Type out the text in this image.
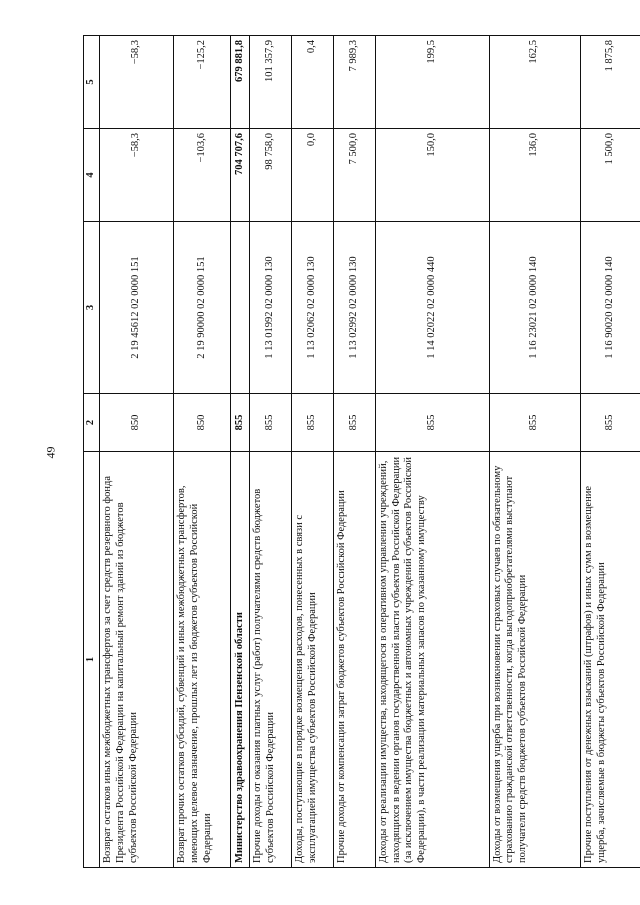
49
1	2	3	4	5
Возврат остатков иных межбюджетных трансфертов за счет средств резервного фонда Президента Российской Федерации на капитальный ремонт зданий из бюджетов субъектов Российской Федерации	850	2 19 45612 02 0000 151	−58,3	−58,3
Возврат прочих остатков субсидий, субвенций и иных межбюджетных трансфертов, имеющих целевое назначение, прошлых лет из бюджетов субъектов Российской Федерации	850	2 19 90000 02 0000 151	−103,6	−125,2
Министерство здравоохранения Пензенской области	855		704 707,6	679 881,8
Прочие доходы от оказания платных услуг (работ) получателями средств бюджетов субъектов Российской Федерации	855	1 13 01992 02 0000 130	98 758,0	101 357,9
Доходы, поступающие в порядке возмещения расходов, понесенных в связи с эксплуатацией имущества субъектов Российской Федерации	855	1 13 02062 02 0000 130	0,0	0,4
Прочие доходы от компенсации затрат бюджетов субъектов Российской Федерации	855	1 13 02992 02 0000 130	7 500,0	7 989,3
Доходы от реализации имущества, находящегося в оперативном управлении учреждений, находящихся в ведении органов государственной власти субъектов Российской Федерации (за исключением имущества бюджетных и автономных учреждений субъектов Российской Федерации), в части реализации материальных запасов по указанному имуществу	855	1 14 02022 02 0000 440	150,0	199,5
Доходы от возмещения ущерба при возникновении страховых случаев по обязательному страхованию гражданской ответственности, когда выгодоприобретателями выступают получатели средств бюджетов субъектов Российской Федерации	855	1 16 23021 02 0000 140	136,0	162,5
Прочие поступления от денежных взысканий (штрафов) и иных сумм в возмещение ущерба, зачисляемые в бюджеты субъектов Российской Федерации	855	1 16 90020 02 0000 140	1 500,0	1 875,8
